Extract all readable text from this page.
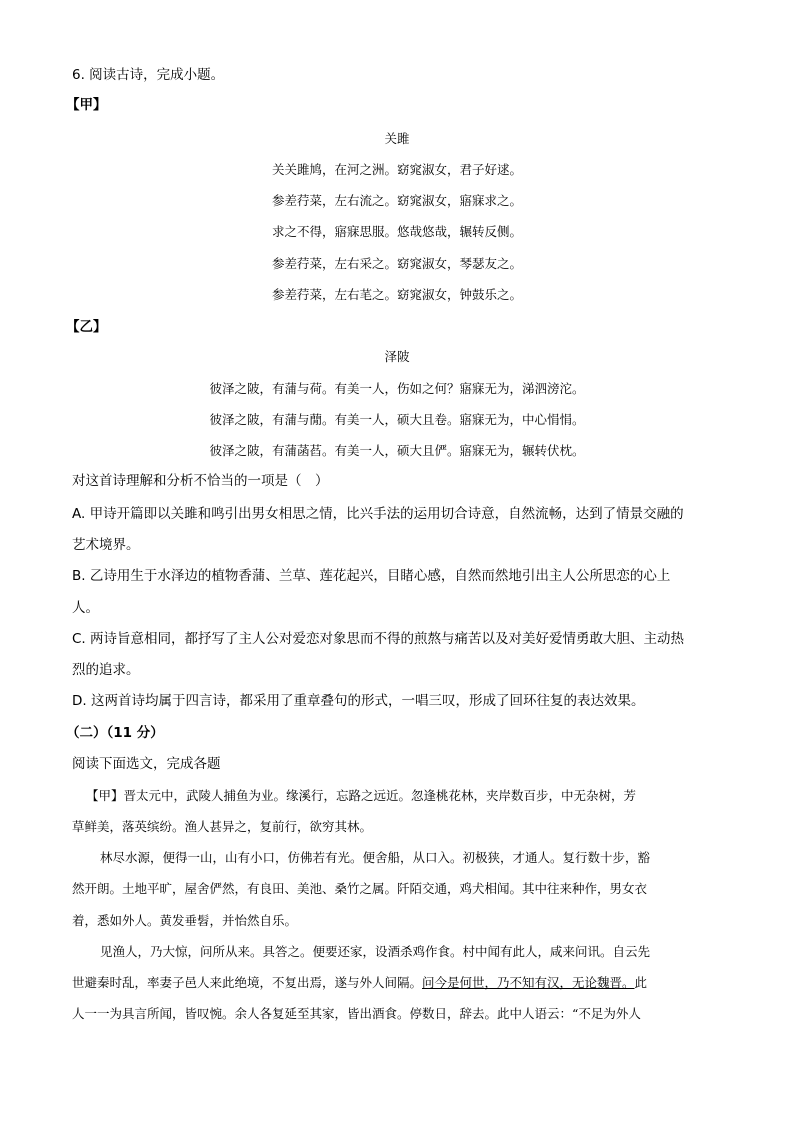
6. 阅读古诗，完成小题。
【甲】
关雎
关关雎鸠，在河之洲。窈窕淑女，君子好逑。
参差荇菜，左右流之。窈窕淑女，寤寐求之。
求之不得，寤寐思服。悠哉悠哉，辗转反侧。
参差荇菜，左右采之。窈窕淑女，琴瑟友之。
参差荇菜，左右芼之。窈窕淑女，钟鼓乐之。
【乙】
泽陂
彼泽之陂，有蒲与荷。有美一人，伤如之何？寤寐无为，涕泗滂沱。
彼泽之陂，有蒲与蕑。有美一人，硕大且卷。寤寐无为，中心悁悁。
彼泽之陂，有蒲菡萏。有美一人，硕大且俨。寤寐无为，辗转伏枕。
对这首诗理解和分析不恰当的一项是（　）
A. 甲诗开篇即以关雎和鸣引出男女相思之情，比兴手法的运用切合诗意，自然流畅，达到了情景交融的
艺术境界。
B. 乙诗用生于水泽边的植物香蒲、兰草、莲花起兴，目睹心感，自然而然地引出主人公所思恋的心上
人。
C. 两诗旨意相同，都抒写了主人公对爱恋对象思而不得的煎熬与痛苦以及对美好爱情勇敢大胆、主动热
烈的追求。
D. 这两首诗均属于四言诗，都采用了重章叠句的形式，一唱三叹，形成了回环往复的表达效果。
（二）（11 分）
阅读下面选文，完成各题
【甲】晋太元中，武陵人捕鱼为业。缘溪行，忘路之远近。忽逢桃花林，夹岸数百步，中无杂树，芳
草鲜美，落英缤纷。渔人甚异之，复前行，欲穷其林。
林尽水源，便得一山，山有小口，仿佛若有光。便舍船，从口入。初极狭，才通人。复行数十步，豁
然开朗。土地平旷，屋舍俨然，有良田、美池、桑竹之属。阡陌交通，鸡犬相闻。其中往来种作，男女衣
着，悉如外人。黄发垂髫，并怡然自乐。
见渔人，乃大惊，问所从来。具答之。便要还家，设酒杀鸡作食。村中闻有此人，咸来问讯。自云先
世避秦时乱，率妻子邑人来此绝境，不复出焉，遂与外人间隔。问今是何世，乃不知有汉，无论魏晋。此
人一一为具言所闻，皆叹惋。余人各复延至其家，皆出酒食。停数日，辞去。此中人语云：“不足为外人
